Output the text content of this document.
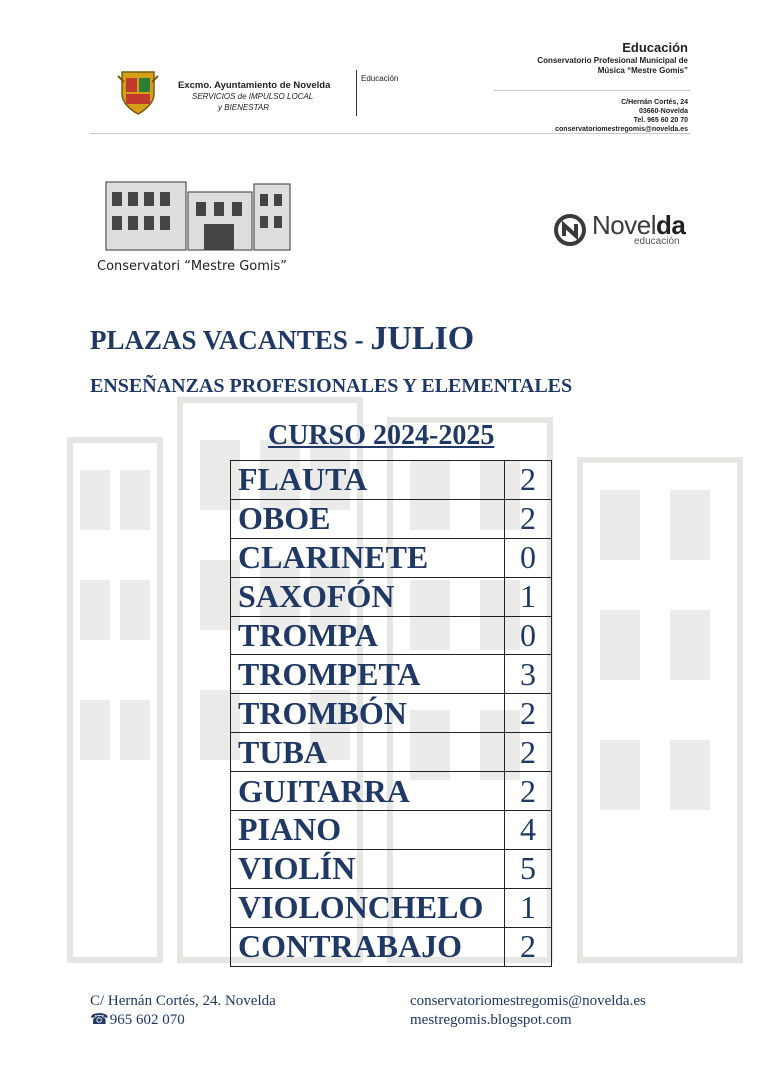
Excmo. Ayuntamiento de Novelda
SERVICIOS de IMPULSO LOCAL
y BIENESTAR
Educación
Educación
Conservatorio Profesional Municipal de
Música “Mestre Gomis”
C/Hernán Cortés, 24
03660-Novelda
Tel. 965 60 20 70
conservatoriomestregomis@novelda.es
Conservatori “Mestre Gomis”
Novelda
educación
PLAZAS VACANTES - JULIO
ENSEÑANZAS PROFESIONALES Y ELEMENTALES
CURSO 2024-2025
FLAUTA	2
OBOE	2
CLARINETE	0
SAXOFÓN	1
TROMPA	0
TROMPETA	3
TROMBÓN	2
TUBA	2
GUITARRA	2
PIANO	4
VIOLÍN	5
VIOLONCHELO	1
CONTRABAJO	2
C/ Hernán Cortés, 24. Novelda
☎ 965 602 070
conservatoriomestregomis@novelda.es
mestregomis.blogspot.com
